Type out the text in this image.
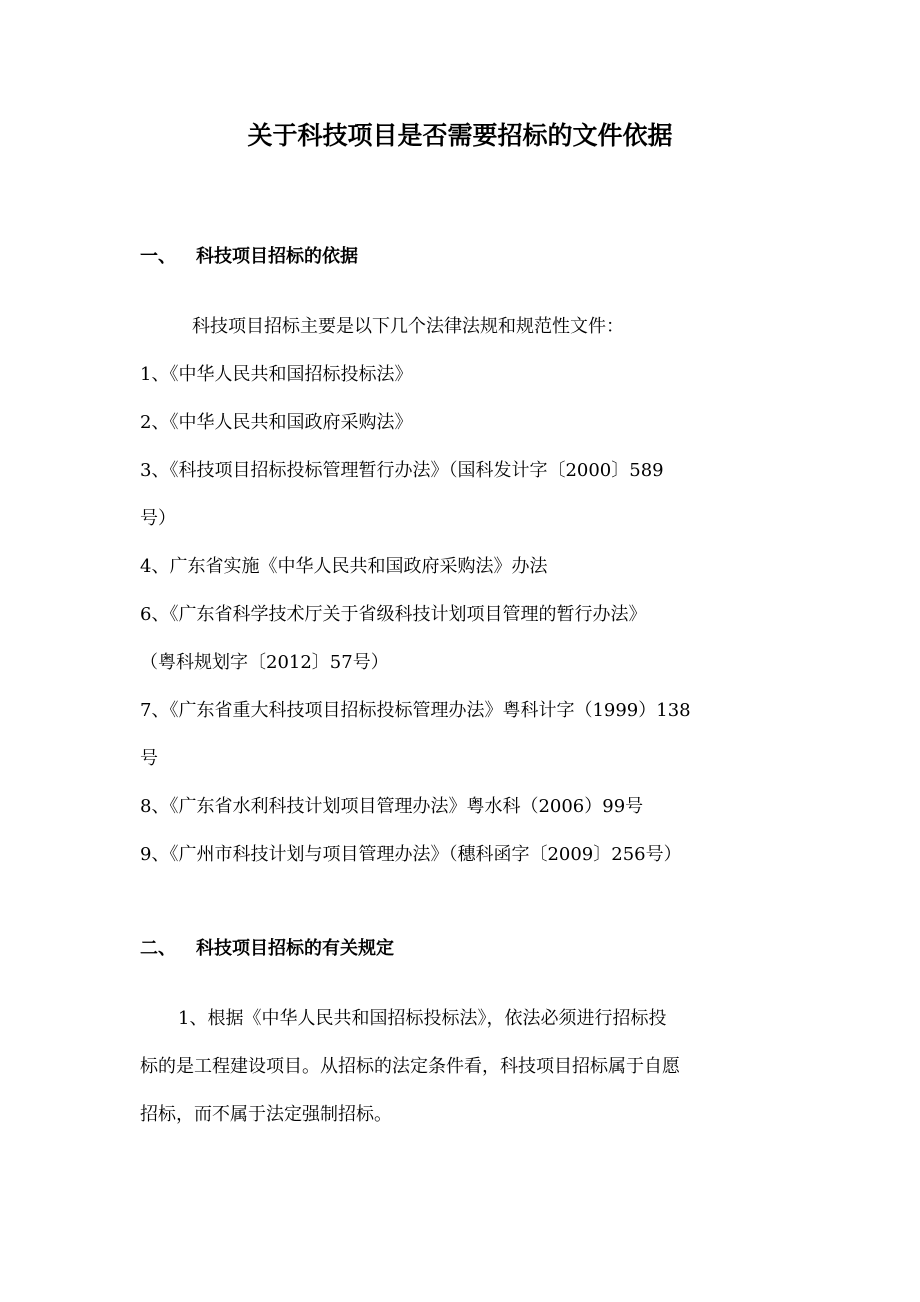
关于科技项目是否需要招标的文件依据
一、 科技项目招标的依据
科技项目招标主要是以下几个法律法规和规范性文件：
1、《中华人民共和国招标投标法》
2、《中华人民共和国政府采购法》
3、《科技项目招标投标管理暂行办法》（国科发计字〔2000〕589
号）
4、广东省实施《中华人民共和国政府采购法》办法
6、《广东省科学技术厅关于省级科技计划项目管理的暂行办法》
（粤科规划字〔2012〕57号）
7、《广东省重大科技项目招标投标管理办法》粤科计字（1999）138
号
8、《广东省水利科技计划项目管理办法》粤水科（2006）99号
9、《广州市科技计划与项目管理办法》（穗科函字〔2009〕256号）
二、 科技项目招标的有关规定
1、根据《中华人民共和国招标投标法》，依法必须进行招标投
标的是工程建设项目。从招标的法定条件看，科技项目招标属于自愿
招标，而不属于法定强制招标。
